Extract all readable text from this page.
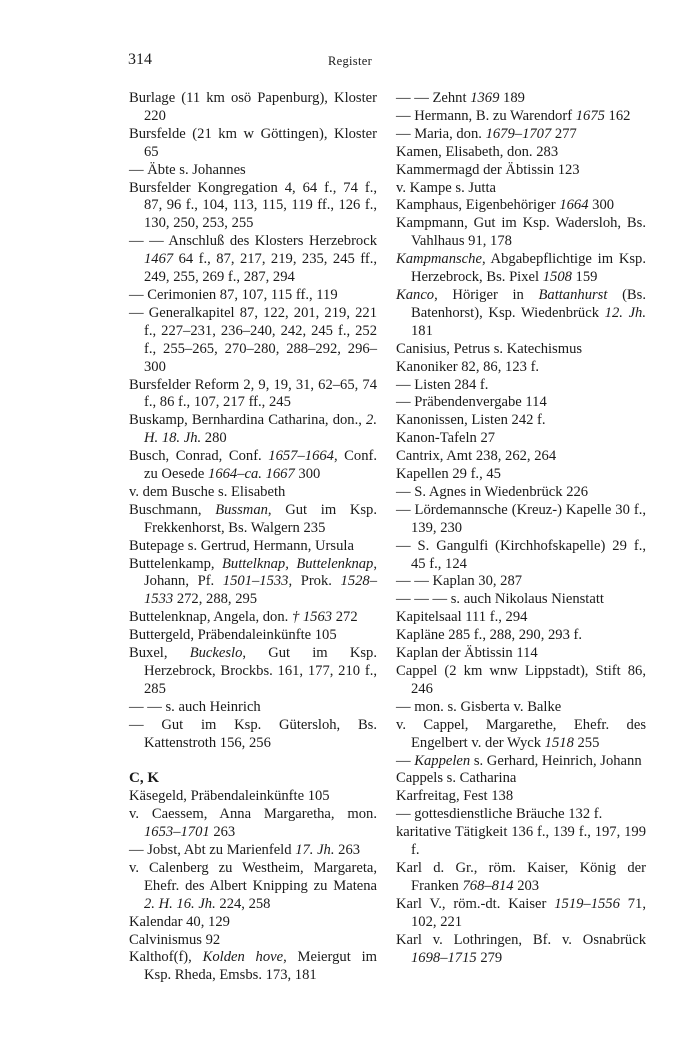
314	Register
Burlage (11 km osö Papenburg), Kloster 220
Bursfelde (21 km w Göttingen), Kloster 65
— Äbte s. Johannes
Bursfelder Kongregation 4, 64 f., 74 f., 87, 96 f., 104, 113, 115, 119 ff., 126 f., 130, 250, 253, 255
— — Anschluß des Klosters Herzebrock 1467 64 f., 87, 217, 219, 235, 245 ff., 249, 255, 269 f., 287, 294
— Cerimonien 87, 107, 115 ff., 119
— Generalkapitel 87, 122, 201, 219, 221 f., 227–231, 236–240, 242, 245 f., 252 f., 255–265, 270–280, 288–292, 296–300
Bursfelder Reform 2, 9, 19, 31, 62–65, 74 f., 86 f., 107, 217 ff., 245
Buskamp, Bernhardina Catharina, don., 2. H. 18. Jh. 280
Busch, Conrad, Conf. 1657–1664, Conf. zu Oesede 1664–ca. 1667 300
v. dem Busche s. Elisabeth
Buschmann, Bussman, Gut im Ksp. Frekkenhorst, Bs. Walgern 235
Butepage s. Gertrud, Hermann, Ursula
Buttelenkamp, Buttelknap, Buttelenknap, Johann, Pf. 1501–1533, Prok. 1528–1533 272, 288, 295
Buttelenknap, Angela, don. † 1563 272
Buttergeld, Präbendaleinkünfte 105
Buxel, Buckeslo, Gut im Ksp. Herzebrock, Brockbs. 161, 177, 210 f., 285
— — s. auch Heinrich
— Gut im Ksp. Gütersloh, Bs. Kattenstroth 156, 256
C, K
Käsegeld, Präbendaleinkünfte 105
v. Caessem, Anna Margaretha, mon. 1653–1701 263
— Jobst, Abt zu Marienfeld 17. Jh. 263
v. Calenberg zu Westheim, Margareta, Ehefr. des Albert Knipping zu Matena 2. H. 16. Jh. 224, 258
Kalendar 40, 129
Calvinismus 92
Kalthof(f), Kolden hove, Meiergut im Ksp. Rheda, Emsbs. 173, 181
— — Zehnt 1369 189
— Hermann, B. zu Warendorf 1675 162
— Maria, don. 1679–1707 277
Kamen, Elisabeth, don. 283
Kammermagd der Äbtissin 123
v. Kampe s. Jutta
Kamphaus, Eigenbehöriger 1664 300
Kampmann, Gut im Ksp. Wadersloh, Bs. Vahlhaus 91, 178
Kampmansche, Abgabepflichtige im Ksp. Herzebrock, Bs. Pixel 1508 159
Kanco, Höriger in Battanhurst (Bs. Batenhorst), Ksp. Wiedenbrück 12. Jh. 181
Canisius, Petrus s. Katechismus
Kanoniker 82, 86, 123 f.
— Listen 284 f.
— Präbendenvergabe 114
Kanonissen, Listen 242 f.
Kanon-Tafeln 27
Cantrix, Amt 238, 262, 264
Kapellen 29 f., 45
— S. Agnes in Wiedenbrück 226
— Lördemannsche (Kreuz-) Kapelle 30 f., 139, 230
— S. Gangulfi (Kirchhofskapelle) 29 f., 45 f., 124
— — Kaplan 30, 287
— — — s. auch Nikolaus Nienstatt
Kapitelsaal 111 f., 294
Kapläne 285 f., 288, 290, 293 f.
Kaplan der Äbtissin 114
Cappel (2 km wnw Lippstadt), Stift 86, 246
— mon. s. Gisberta v. Balke
v. Cappel, Margarethe, Ehefr. des Engelbert v. der Wyck 1518 255
— Kappelen s. Gerhard, Heinrich, Johann
Cappels s. Catharina
Karfreitag, Fest 138
— gottesdienstliche Bräuche 132 f.
karitative Tätigkeit 136 f., 139 f., 197, 199 f.
Karl d. Gr., röm. Kaiser, König der Franken 768–814 203
Karl V., röm.-dt. Kaiser 1519–1556 71, 102, 221
Karl v. Lothringen, Bf. v. Osnabrück 1698–1715 279
